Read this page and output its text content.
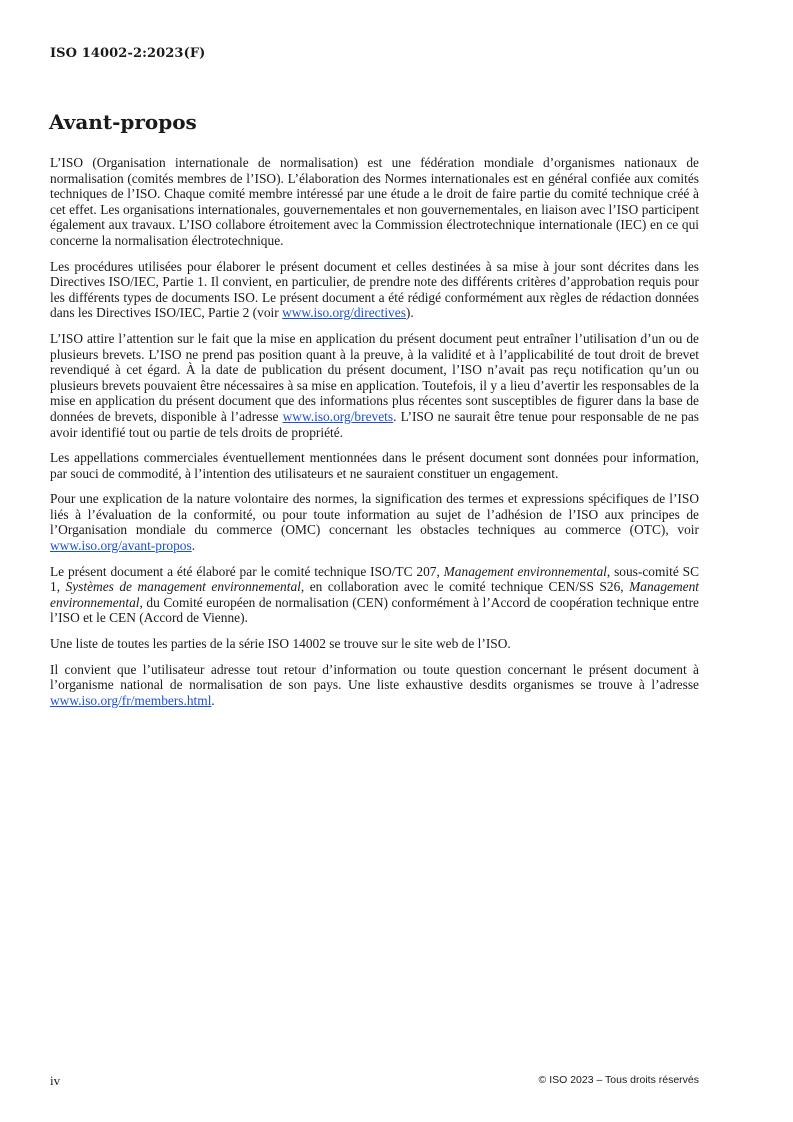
ISO 14002-2:2023(F)

Avant-propos

L’ISO (Organisation internationale de normalisation) est une fédération mondiale d’organismes nationaux de normalisation (comités membres de l’ISO). L’élaboration des Normes internationales est en général confiée aux comités techniques de l’ISO. Chaque comité membre intéressé par une étude a le droit de faire partie du comité technique créé à cet effet. Les organisations internationales, gouvernementales et non gouvernementales, en liaison avec l’ISO participent également aux travaux. L’ISO collabore étroitement avec la Commission électrotechnique internationale (IEC) en ce qui concerne la normalisation électrotechnique.

Les procédures utilisées pour élaborer le présent document et celles destinées à sa mise à jour sont décrites dans les Directives ISO/IEC, Partie 1. Il convient, en particulier, de prendre note des différents critères d’approbation requis pour les différents types de documents ISO. Le présent document a été rédigé conformément aux règles de rédaction données dans les Directives ISO/IEC, Partie 2 (voir www.iso.org/directives).

L’ISO attire l’attention sur le fait que la mise en application du présent document peut entraîner l’utilisation d’un ou de plusieurs brevets. L’ISO ne prend pas position quant à la preuve, à la validité et à l’applicabilité de tout droit de brevet revendiqué à cet égard. À la date de publication du présent document, l’ISO n’avait pas reçu notification qu’un ou plusieurs brevets pouvaient être nécessaires à sa mise en application. Toutefois, il y a lieu d’avertir les responsables de la mise en application du présent document que des informations plus récentes sont susceptibles de figurer dans la base de données de brevets, disponible à l’adresse www.iso.org/brevets. L’ISO ne saurait être tenue pour responsable de ne pas avoir identifié tout ou partie de tels droits de propriété.

Les appellations commerciales éventuellement mentionnées dans le présent document sont données pour information, par souci de commodité, à l’intention des utilisateurs et ne sauraient constituer un engagement.

Pour une explication de la nature volontaire des normes, la signification des termes et expressions spécifiques de l’ISO liés à l’évaluation de la conformité, ou pour toute information au sujet de l’adhésion de l’ISO aux principes de l’Organisation mondiale du commerce (OMC) concernant les obstacles techniques au commerce (OTC), voir www.iso.org/avant-propos.

Le présent document a été élaboré par le comité technique ISO/TC 207, Management environnemental, sous-comité SC 1, Systèmes de management environnemental, en collaboration avec le comité technique CEN/SS S26, Management environnemental, du Comité européen de normalisation (CEN) conformément à l’Accord de coopération technique entre l’ISO et le CEN (Accord de Vienne).

Une liste de toutes les parties de la série ISO 14002 se trouve sur le site web de l’ISO.

Il convient que l’utilisateur adresse tout retour d’information ou toute question concernant le présent document à l’organisme national de normalisation de son pays. Une liste exhaustive desdits organismes se trouve à l’adresse www.iso.org/fr/members.html.

iv	© ISO 2023 – Tous droits réservés
